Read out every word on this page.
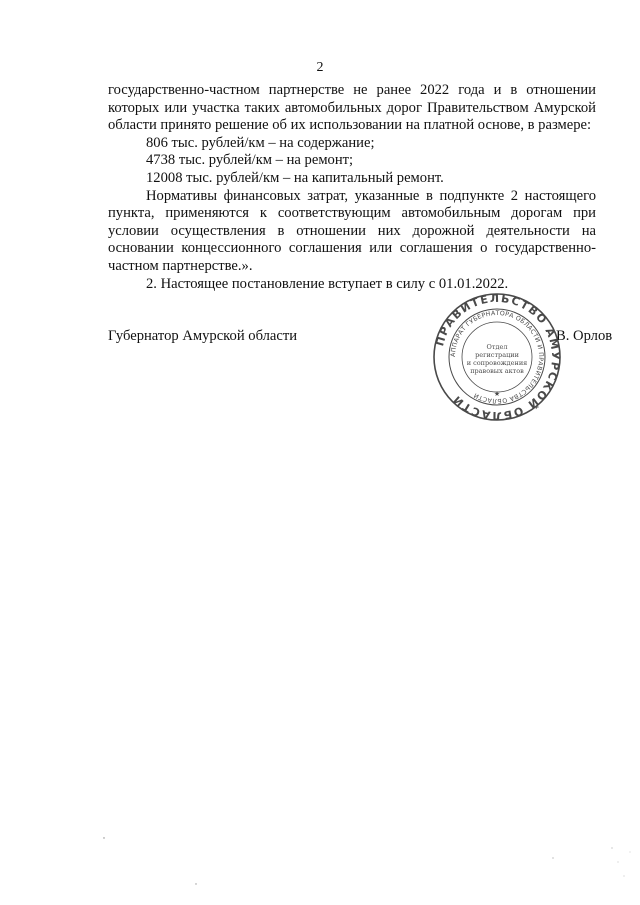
2

государственно-частном партнерстве не ранее 2022 года и в отношении которых или участка таких автомобильных дорог Правительством Амурской области принято решение об их использовании на платной основе, в размере:

806 тыс. рублей/км – на содержание;

4738 тыс. рублей/км – на ремонт;

12008 тыс. рублей/км – на капитальный ремонт.

Нормативы финансовых затрат, указанные в подпункте 2 настоящего пункта, применяются к соответствующим автомобильным дорогам при условии осуществления в отношении них дорожной деятельности на основании концессионного соглашения или соглашения о государственно-частном партнерстве.».

2. Настоящее постановление вступает в силу с 01.01.2022.

Губернатор Амурской области	В. Орлов
ПРАВИТЕЛЬСТВО АМУРСКОЙ ОБЛАСТИ
АППАРАТ ГУБЕРНАТОРА ОБЛАСТИ И ПРАВИТЕЛЬСТВА ОБЛАСТИ
Отдел
регистрации
и сопровождения
правовых актов
★
